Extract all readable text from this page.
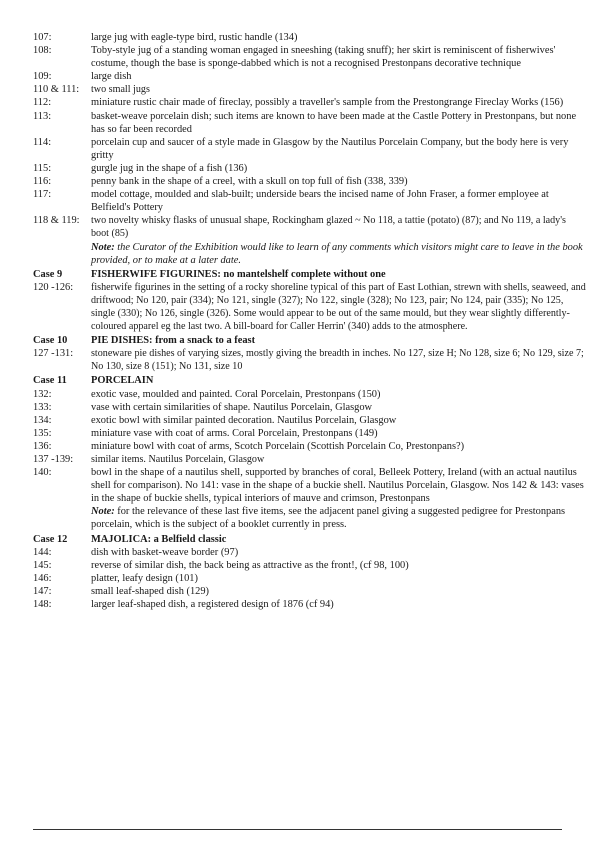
107:	large jug with eagle-type bird, rustic handle (134)
108:	Toby-style jug of a standing woman engaged in sneeshing (taking snuff); her skirt is reminiscent of fisherwives' costume, though the base is sponge-dabbed which is not a recognised Prestonpans decorative technique
109:	large dish
110 & 111:	two small jugs
112:	miniature rustic chair made of fireclay, possibly a traveller's sample from the Prestongrange Fireclay Works (156)
113:	basket-weave porcelain dish; such items are known to have been made at the Castle Pottery in Prestonpans, but none has so far been recorded
114:	porcelain cup and saucer of a style made in Glasgow by the Nautilus Porcelain Company, but the body here is very gritty
115:	gurgle jug in the shape of a fish (136)
116:	penny bank in the shape of a creel, with a skull on top full of fish (338, 339)
117:	model cottage, moulded and slab-built; underside bears the incised name of John Fraser, a former employee at Belfield's Pottery
118 & 119:	two novelty whisky flasks of unusual shape, Rockingham glazed ~ No 118, a tattie (potato) (87); and No 119, a lady's boot (85)
Note: the Curator of the Exhibition would like to learn of any comments which visitors might care to leave in the book provided, or to make at a later date.
Case 9	FISHERWIFE FIGURINES: no mantelshelf complete without one
120 -126:	fisherwife figurines in the setting of a rocky shoreline typical of this part of East Lothian, strewn with shells, seaweed, and driftwood; No 120, pair (334); No 121, single (327); No 122, single (328); No 123, pair; No 124, pair (335); No 125, single (330); No 126, single (326). Some would appear to be out of the same mould, but they wear slightly differently-coloured apparel eg the last two. A bill-board for Caller Herrin' (340) adds to the atmosphere.
Case 10	PIE DISHES: from a snack to a feast
127 -131:	stoneware pie dishes of varying sizes, mostly giving the breadth in inches. No 127, size H; No 128, size 6; No 129, size 7; No 130, size 8 (151); No 131, size 10
Case 11	PORCELAIN
132:	exotic vase, moulded and painted. Coral Porcelain, Prestonpans (150)
133:	vase with certain similarities of shape. Nautilus Porcelain, Glasgow
134:	exotic bowl with similar painted decoration. Nautilus Porcelain, Glasgow
135:	miniature vase with coat of arms. Coral Porcelain, Prestonpans (149)
136:	miniature bowl with coat of arms, Scotch Porcelain (Scottish Porcelain Co, Prestonpans?)
137 -139:	similar items. Nautilus Porcelain, Glasgow
140:	bowl in the shape of a nautilus shell, supported by branches of coral, Belleek Pottery, Ireland (with an actual nautilus shell for comparison). No 141: vase in the shape of a buckie shell. Nautilus Porcelain, Glasgow. Nos 142 & 143: vases in the shape of buckie shells, typical interiors of mauve and crimson, Prestonpans
Note: for the relevance of these last five items, see the adjacent panel giving a suggested pedigree for Prestonpans porcelain, which is the subject of a booklet currently in press.
Case 12	MAJOLICA: a Belfield classic
144:	dish with basket-weave border (97)
145:	reverse of similar dish, the back being as attractive as the front!, (cf 98, 100)
146:	platter, leafy design (101)
147:	small leaf-shaped dish (129)
148:	larger leaf-shaped dish, a registered design of 1876 (cf 94)
